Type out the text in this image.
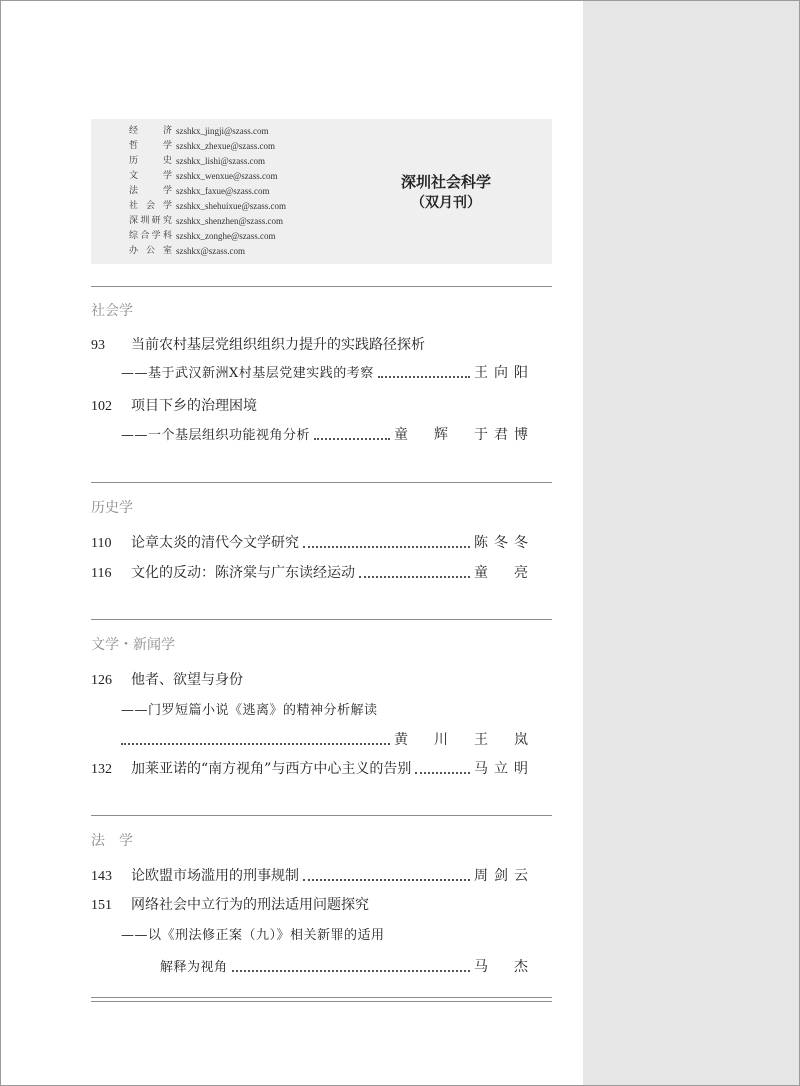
经　　济 szshkx_jingji@szass.com
哲　　学 szshkx_zhexue@szass.com
历　　史 szshkx_lishi@szass.com
文　　学 szshkx_wenxue@szass.com
法　　学 szshkx_faxue@szass.com
社 会 学 szshkx_shehuixue@szass.com
深圳研究 szshkx_shenzhen@szass.com
综合学科 szshkx_zonghe@szass.com
办 公 室 szshkx@szass.com
深圳社会科学
（双月刊）
社会学
93	当前农村基层党组织组织力提升的实践路径探析
——基于武汉新洲X村基层党建实践的考察	王向阳
102	项目下乡的治理困境
——一个基层组织功能视角分析	童　辉　于君博
历史学
110	论章太炎的清代今文学研究	陈冬冬
116	文化的反动：陈济棠与广东读经运动	童　亮
文学・新闻学
126	他者、欲望与身份
——门罗短篇小说《逃离》的精神分析解读
黄　川　王　岚
132	加莱亚诺的“南方视角”与西方中心主义的告别	马立明
法　学
143	论欧盟市场滥用的刑事规制	周剑云
151	网络社会中立行为的刑法适用问题探究
——以《刑法修正案（九）》相关新罪的适用
解释为视角	马　杰
